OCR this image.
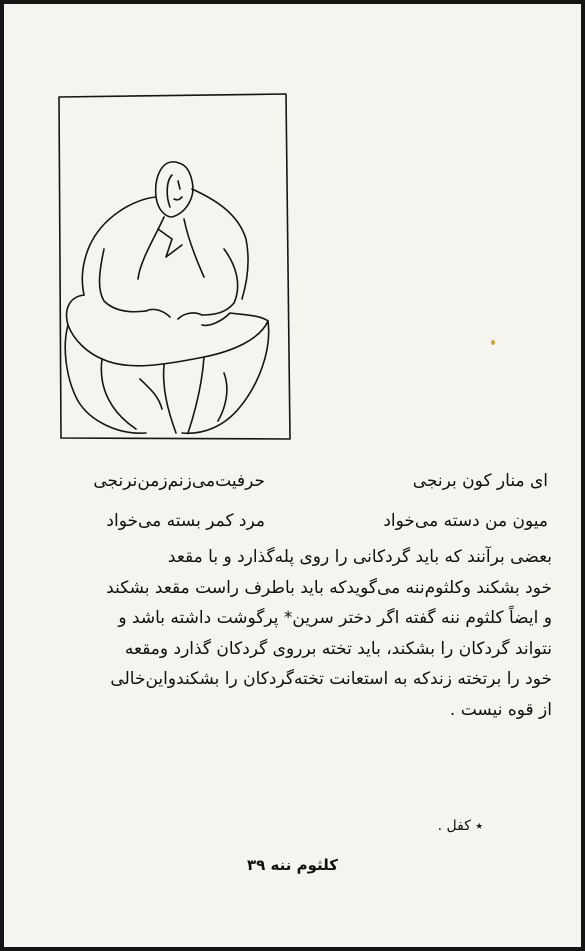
ای منار کون برنجی
حرفیت‌می‌زنم‌زمن‌نرنجی
میون من دسته می‌خواد
مرد کمر بسته می‌خواد

بعضی برآنند که باید گردکانی را روی پله‌گذارد و با مقعد

خود بشکند وکلثوم‌ننه می‌گوید‌که باید باطرف راست مقعد بشکند

و ایضاً کلثوم ننه گفته اگر دختر سرین* پرگوشت داشته باشد و

نتواند گردکان را بشکند، باید تخته برروی گردکان گذارد ومقعه

خود را برتخته زندکه به استعانت تخته‌گردکان را بشکندواین‌خالی

از قوه نیست .

٭ کفل .
کلثوم ننه ۳۹
